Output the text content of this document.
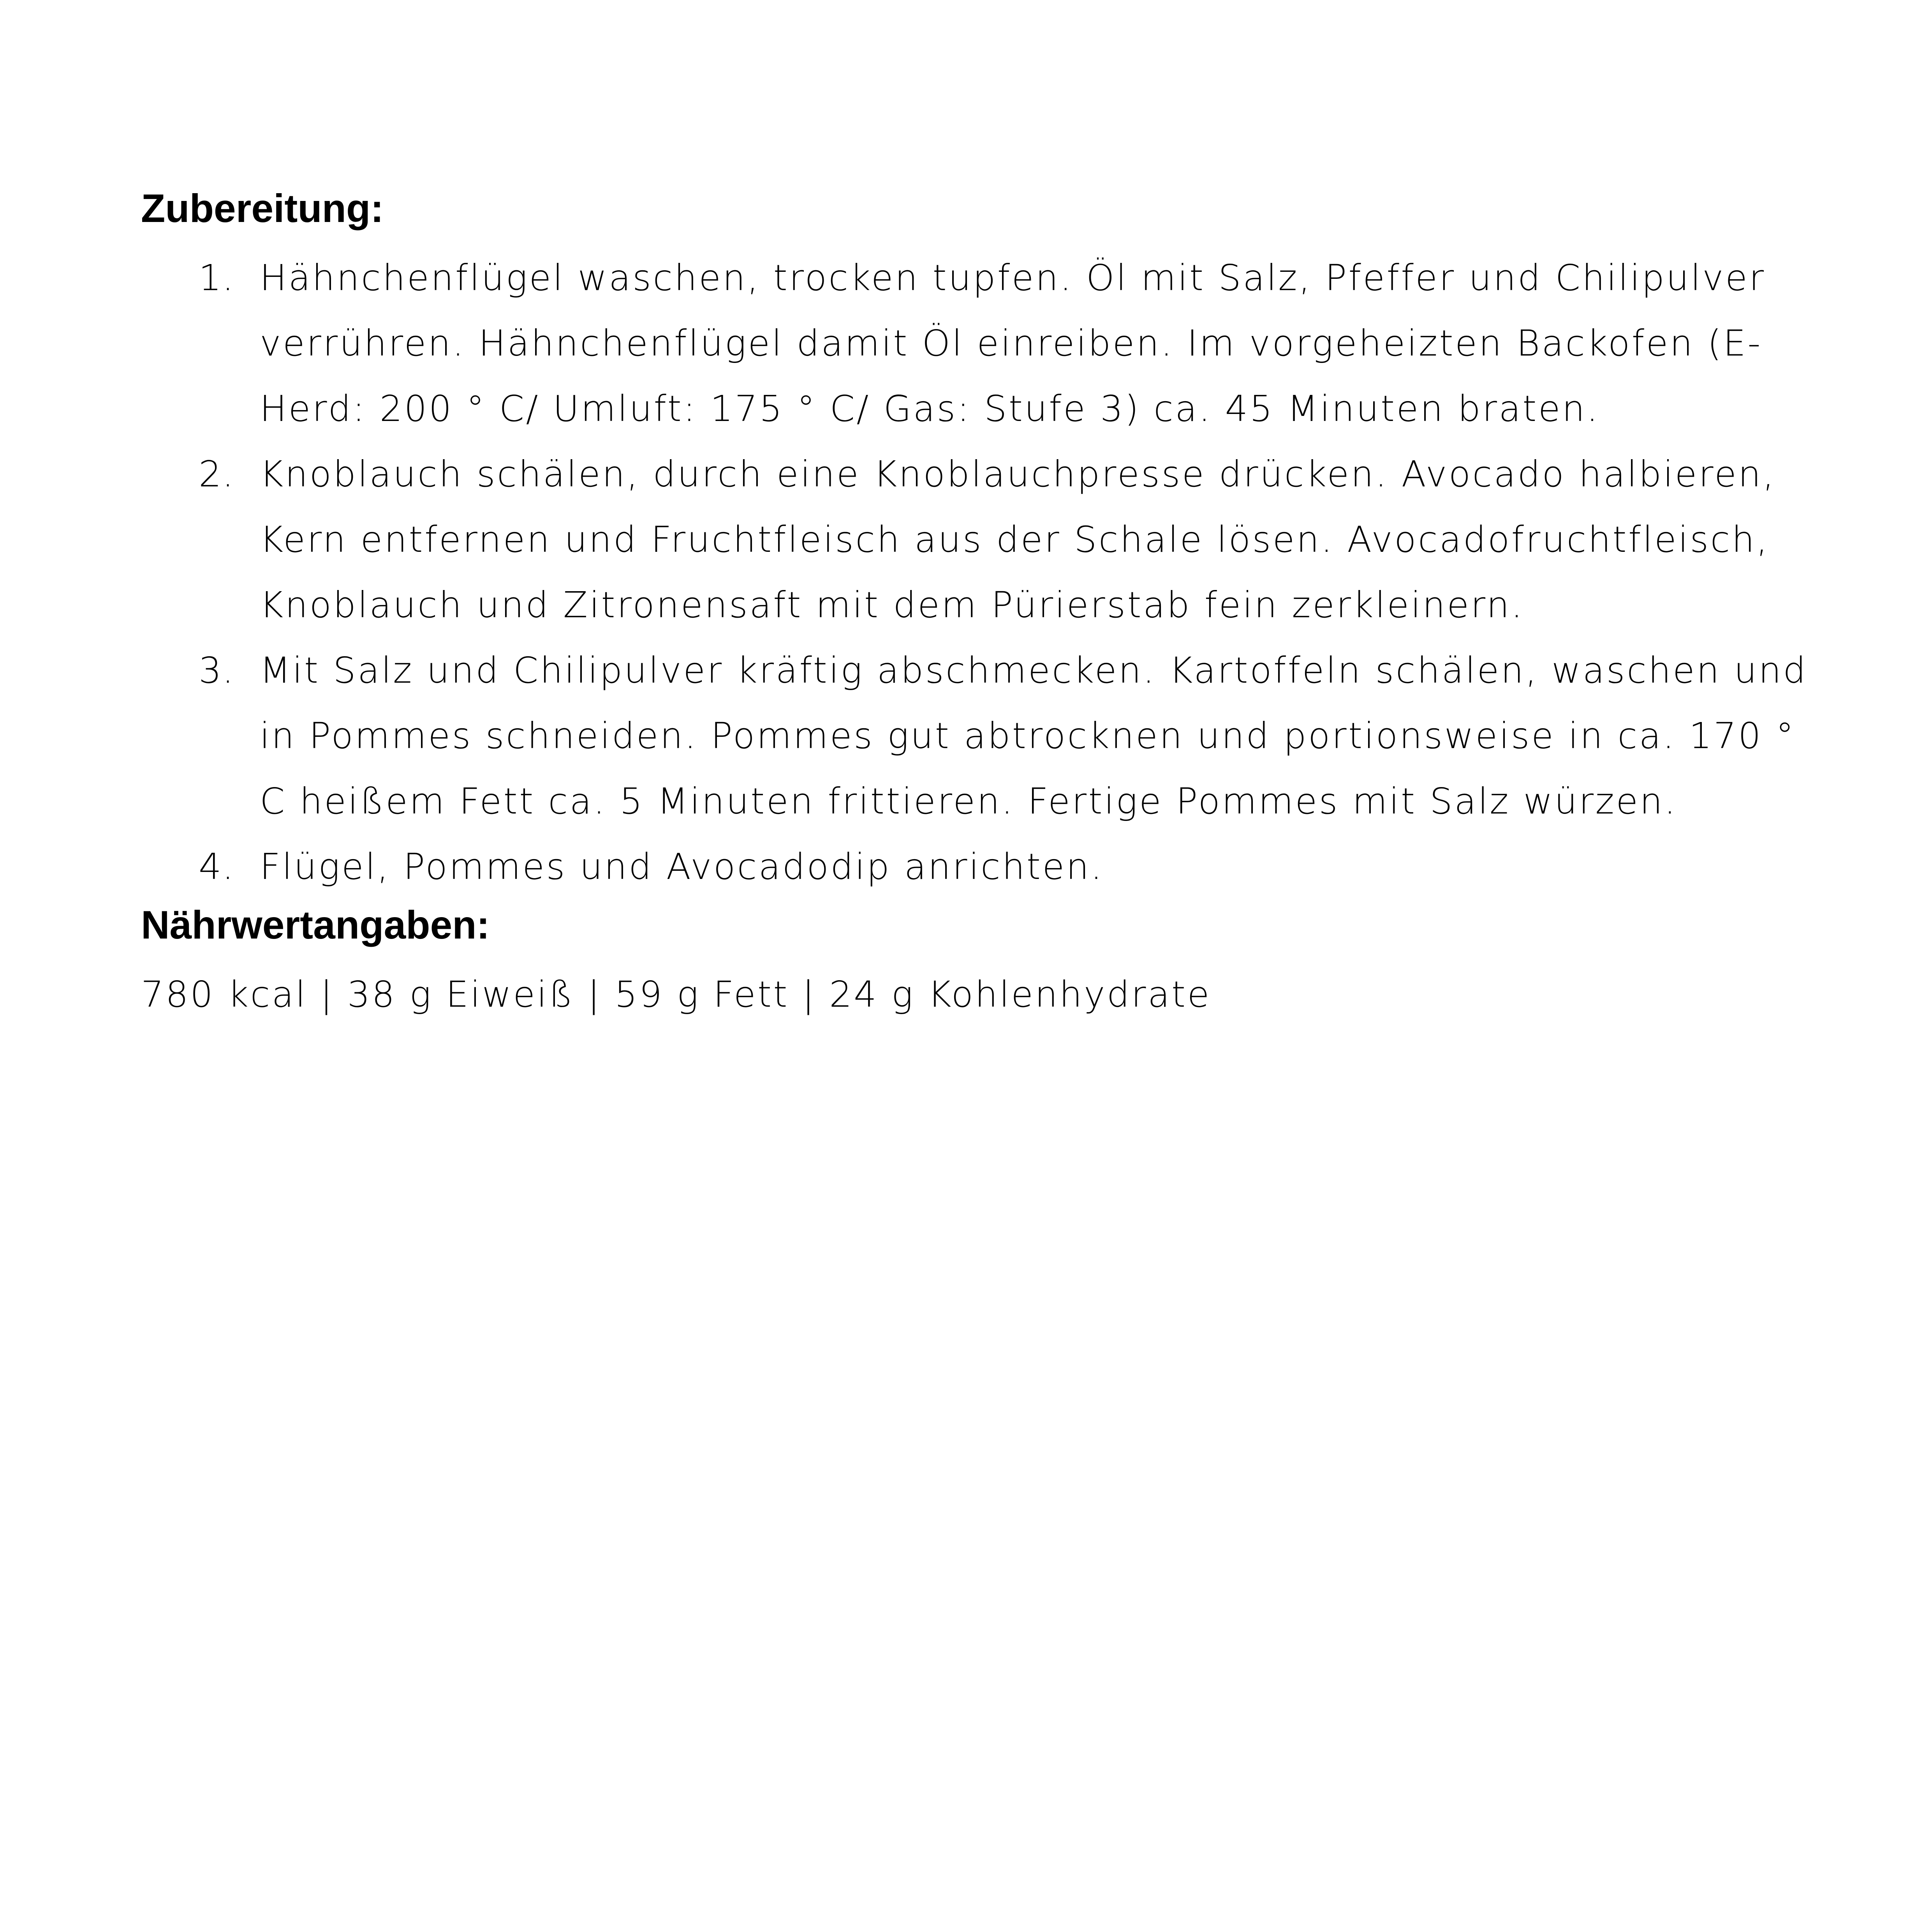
Zubereitung:
1. Hähnchenflügel waschen, trocken tupfen. Öl mit Salz, Pfeffer und Chilipulver verrühren. Hähnchenflügel damit Öl einreiben. Im vorgeheizten Backofen (E-Herd: 200 ° C/ Umluft: 175 ° C/ Gas: Stufe 3) ca. 45 Minuten braten.
2. Knoblauch schälen, durch eine Knoblauchpresse drücken. Avocado halbieren, Kern entfernen und Fruchtfleisch aus der Schale lösen. Avocadofruchtfleisch, Knoblauch und Zitronensaft mit dem Pürierstab fein zerkleinern.
3. Mit Salz und Chilipulver kräftig abschmecken. Kartoffeln schälen, waschen und in Pommes schneiden. Pommes gut abtrocknen und portionsweise in ca. 170 ° C heißem Fett ca. 5 Minuten frittieren. Fertige Pommes mit Salz würzen.
4. Flügel, Pommes und Avocadodip anrichten.
Nährwertangaben:
780 kcal | 38 g Eiweiß | 59 g Fett | 24 g Kohlenhydrate
